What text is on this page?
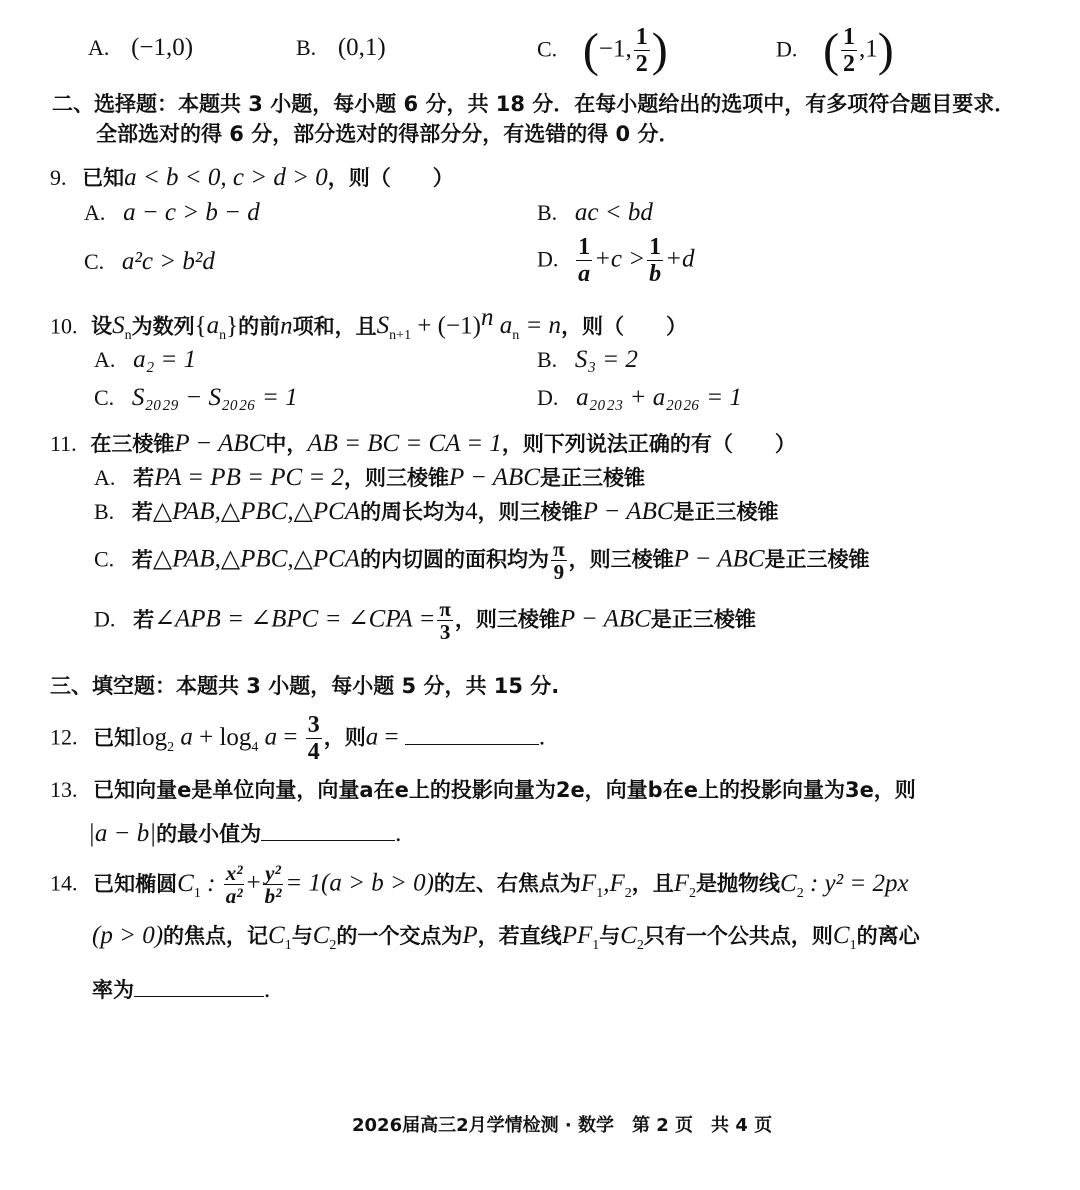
A. (−1,0)	B. (0,1)	C. (−1, $\frac{1}{2}$ )	D. ( $\frac{1}{2} ,1$)
二、选择题：本题共 3 小题，每小题 6 分，共 18 分．在每小题给出的选项中，有多项符合题目要求．
全部选对的得 6 分，部分选对的得部分分，有选错的得 0 分．
9. 已知a < b < 0, c > d > 0，则（　　）
A. a − c > b − d	B. ac < bd
C. a²c > b²d	D. $\frac{1}{a} +c > \frac{1}{b} +d$
10. 设$S_n$为数列$\{a_n\}$的前n项和，且$S_{n+1} + (-1)^n$ $a_n = n$，则（　　）
A. a₂ = 1	B. S₃ = 2
C. S₂₀₂₉ − S₂₀₂₆ = 1	D. a₂₀₂₃ + a₂₀₂₆ = 1
11. 在三棱锥P − ABC中，AB = BC = CA = 1，则下列说法正确的有（　　）
A. 若PA = PB = PC = 2，则三棱锥P − ABC是正三棱锥
B. 若△PAB,△PBC,△PCA的周长均为4，则三棱锥P − ABC是正三棱锥
C. 若△PAB,△PBC,△PCA的内切圆的面积均为 $\frac{\pi}{9}$ ，则三棱锥P − ABC是正三棱锥
D. 若∠APB = ∠BPC = ∠CPA = $\frac{\pi}{3}$ ，则三棱锥P − ABC是正三棱锥
三、填空题：本题共 3 小题，每小题 5 分，共 15 分.
12. 已知$\log_2 a + \log_4 a = \frac{3}{4}$ ，则a =	.
13. 已知向量e是单位向量，向量a在e上的投影向量为2e，向量b在e上的投影向量为3e，则
|a − b|的最小值为	.
14. 已知椭圆$C_1$ : $\frac{\text{x²}}{\text{a²}} + \frac{\text{y²}}{\text{b²}} = 1(a > b > 0)$的左、右焦点为$F_1,F_2$，且$F_2$是抛物线$C_2$ : y² = 2px
(p > 0)的焦点，记$C_1$与$C_2$的一个交点为P，若直线$PF_1$与$C_2$只有一个公共点，则$C_1$的离心
率为	.
2026届高三2月学情检测 · 数学　第 2 页　共 4 页
